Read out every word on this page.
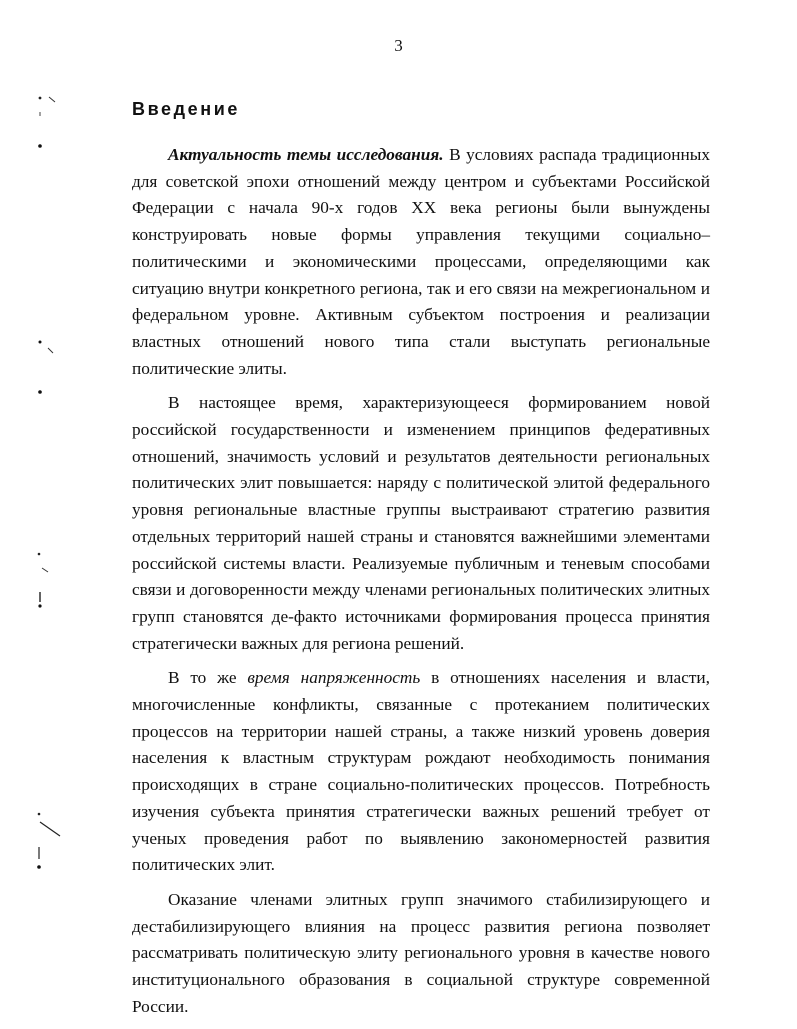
3
Введение

Актуальность темы исследования. В условиях распада традиционных для советской эпохи отношений между центром и субъектами Российской Федерации с начала 90-х годов XX века регионы были вынуждены конструировать новые формы управления текущими социально–политическими и экономическими процессами, определяющими как ситуацию внутри конкретного региона, так и его связи на межрегиональном и федеральном уровне. Активным субъектом построения и реализации властных отношений нового типа стали выступать региональные политические элиты.

В настоящее время, характеризующееся формированием новой российской государственности и изменением принципов федеративных отношений, значимость условий и результатов деятельности региональных политических элит повышается: наряду с политической элитой федерального уровня региональные властные группы выстраивают стратегию развития отдельных территорий нашей страны и становятся важнейшими элементами российской системы власти. Реализуемые публичным и теневым способами связи и договоренности между членами региональных политических элитных групп становятся де-факто источниками формирования процесса принятия стратегически важных для региона решений.

В то же время напряженность в отношениях населения и власти, многочисленные конфликты, связанные с протеканием политических процессов на территории нашей страны, а также низкий уровень доверия населения к властным структурам рождают необходимость понимания происходящих в стране социально-политических процессов. Потребность изучения субъекта принятия стратегически важных решений требует от ученых проведения работ по выявлению закономерностей развития политических элит.

Оказание членами элитных групп значимого стабилизирующего и дестабилизирующего влияния на процесс развития региона позволяет рассматривать политическую элиту регионального уровня в качестве нового институционального образования в социальной структуре современной России.
